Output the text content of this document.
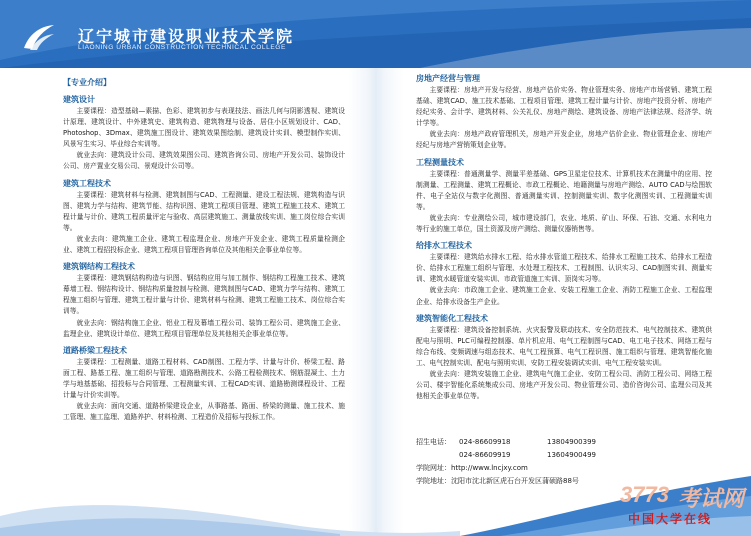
辽宁城市建设职业技术学院
LIAONING URBAN CONSTRUCTION TECHNICAL COLLEGE
【专业介绍】
建筑设计
主要课程：造型基础—素描、色彩、建筑初步与表现技法、画法几何与阴影透视、建筑设计原理、建筑设计、中外建筑史、建筑构造、建筑物理与设备、居住小区规划设计、CAD、Photoshop、3Dmax、建筑施工图设计、建筑效果图绘制、建筑设计实训、模型制作实训、风景写生实习、毕业综合实训等。
就业去向：建筑设计公司、建筑效果图公司、建筑咨询公司、房地产开发公司、装饰设计公司、房产置业交易公司、景观设计公司等。
建筑工程技术
主要课程：建筑材料与检测、建筑制图与CAD、工程测量、建设工程法规、建筑构造与识图、建筑力学与结构、建筑节能、结构识图、建筑工程项目管理、建筑工程施工技术、建筑工程计量与计价、建筑工程质量评定与验收、高层建筑施工、测量放线实训、施工岗位综合实训等。
就业去向：建筑施工企业、建筑工程监理企业、房地产开发企业、建筑工程质量检测企业、建筑工程招投标企业、建筑工程项目管理咨询单位及其他相关企事业单位等。
建筑钢结构工程技术
主要课程：建筑钢结构构造与识图、钢结构应用与加工制作、钢结构工程施工技术、建筑幕墙工程、钢结构设计、钢结构质量控制与检测、建筑制图与CAD、建筑力学与结构、建筑工程施工组织与管理、建筑工程计量与计价、建筑材料与检测、建筑工程施工技术、岗位综合实训等。
就业去向：钢结构施工企业、铝业工程及幕墙工程公司、装饰工程公司、建筑施工企业、监理企业、建筑设计单位、建筑工程项目管理单位及其他相关企事业单位等。
道路桥梁工程技术
主要课程：工程测量、道路工程材料、CAD制图、工程力学、计量与计价、桥梁工程、路面工程、路基工程、施工组织与管理、道路勘测技术、公路工程检测技术、钢筋混凝土、土力学与地基基础、招投标与合同管理、工程测量实训、工程CAD实训、道路勘测课程设计、工程计量与计价实训等。
就业去向：面向交通、道路桥梁建设企业，从事路基、路面、桥梁的测量、施工技术、施工管理、施工监理、道路养护、材料检测、工程造价及招标与投标工作。
房地产经营与管理
主要课程：房地产开发与经营、房地产估价实务、物业管理实务、房地产市场营销、建筑工程基础、建筑CAD、施工技术基础、工程项目管理、建筑工程计量与计价、房地产投资分析、房地产经纪实务、会计学、建筑材料、公关礼仪、房地产测绘、建筑设备、房地产法律法规、经济学、统计学等。
就业去向：房地产政府管理机关，房地产开发企业，房地产估价企业、物业管理企业、房地产经纪与房地产营销策划企业等。
工程测量技术
主要课程：普通测量学、测量平差基础、GPS卫星定位技术、计算机技术在测量中的应用、控制测量、工程测量、建筑工程概论、市政工程概论、地籍测量与房地产测绘、AUTO CAD与绘图软件、电子全站仪与数字化测图、普通测量实训、控制测量实训、数字化测图实训、工程测量实训等。
就业去向：专业测绘公司，城市建设部门，农业、地质、矿山、环保、石油、交通、水利电力等行业的施工单位，国土资源及房产测绘、测量仪器销售等。
给排水工程技术
主要课程：建筑给水排水工程、给水排水管道工程技术、给排水工程施工技术、给排水工程造价、给排水工程施工组织与管理、水处理工程技术、工程制图、认识实习、CAD制图实训、测量实训、建筑水暖管道安装实训、市政管道施工实训、顶岗实习等。
就业去向：市政施工企业、建筑施工企业、安装工程施工企业、消防工程施工企业、工程监理企业、给排水设备生产企业。
建筑智能化工程技术
主要课程：建筑设备控制系统、火灾报警及联动技术、安全防范技术、电气控制技术、建筑供配电与照明、PLC可编程控制器、单片机应用、电气工程制图与CAD、电工电子技术、网络工程与综合布线、变频调速与组态技术、电气工程预算、电气工程识图、施工组织与管理、建筑智能化施工、电气控制实训、配电与照明实训、安防工程安装调试实训、电气工程安装实训。
就业去向：建筑安装施工企业、建筑电气施工企业、安防工程公司、消防工程公司、网络工程公司、楼宇智能化系统集成公司、房地产开发公司、物业管理公司、造价咨询公司、监理公司及其他相关企事业单位等。
招生电话：	024-86609918	13804900399
024-86609919	13604900499
学院网址： http://www.lncjxy.com
学院地址： 沈阳市沈北新区虎石台开发区蒲硕路88号
3773 考试网
中国大学在线
